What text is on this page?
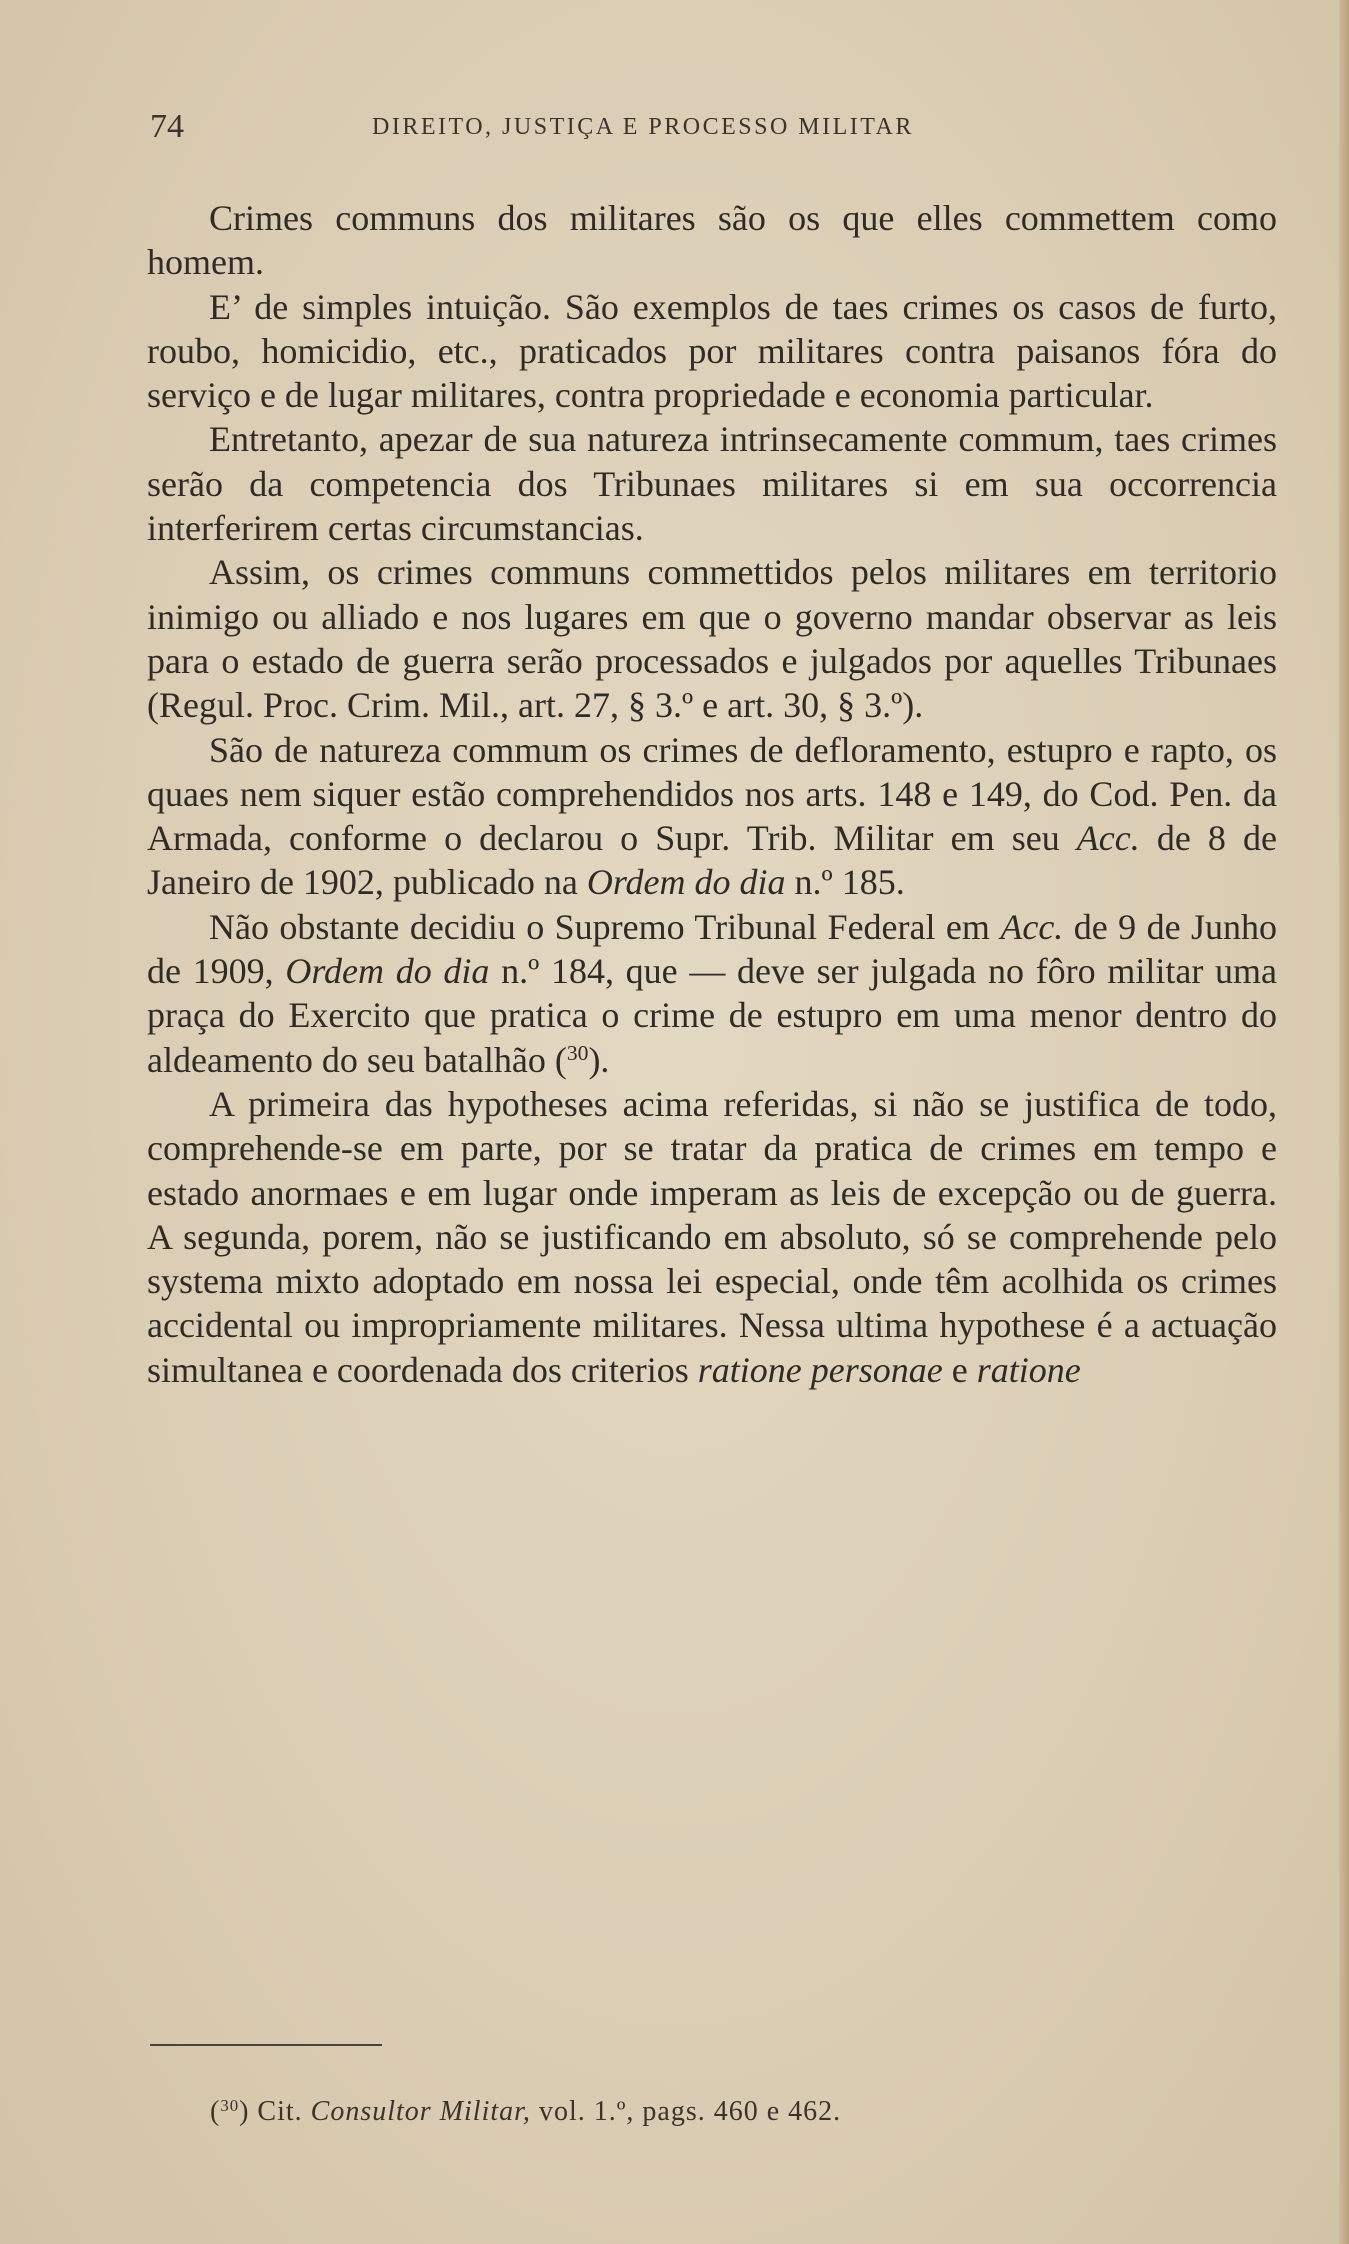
74	DIREITO, JUSTIÇA E PROCESSO MILITAR

Crimes communs dos militares são os que elles commettem como homem.

E’ de simples intuição. São exemplos de taes crimes os casos de furto, roubo, homicidio, etc., praticados por militares contra paisanos fóra do serviço e de lugar militares, contra propriedade e economia particular.

Entretanto, apezar de sua natureza intrinsecamente commum, taes crimes serão da competencia dos Tribunaes militares si em sua occorrencia interferirem certas circumstancias.

Assim, os crimes communs commettidos pelos militares em territorio inimigo ou alliado e nos lugares em que o governo mandar observar as leis para o estado de guerra serão processados e julgados por aquelles Tribunaes (Regul. Proc. Crim. Mil., art. 27, § 3.º e art. 30, § 3.º).

São de natureza commum os crimes de defloramento, estupro e rapto, os quaes nem siquer estão comprehendidos nos arts. 148 e 149, do Cod. Pen. da Armada, conforme o declarou o Supr. Trib. Militar em seu Acc. de 8 de Janeiro de 1902, publicado na Ordem do dia n.º 185.

Não obstante decidiu o Supremo Tribunal Federal em Acc. de 9 de Junho de 1909, Ordem do dia n.º 184, que — deve ser julgada no fôro militar uma praça do Exercito que pratica o crime de estupro em uma menor dentro do aldeamento do seu batalhão ($^{30}$).

A primeira das hypotheses acima referidas, si não se justifica de todo, comprehende-se em parte, por se tratar da pratica de crimes em tempo e estado anormaes e em lugar onde imperam as leis de excepção ou de guerra. A segunda, porem, não se justificando em absoluto, só se comprehende pelo systema mixto adoptado em nossa lei especial, onde têm acolhida os crimes accidental ou impropriamente militares. Nessa ultima hypothese é a actuação simultanea e coordenada dos criterios ratione personae e ratione

($^{30}$) Cit. Consultor Militar, vol. 1.º, pags. 460 e 462.
